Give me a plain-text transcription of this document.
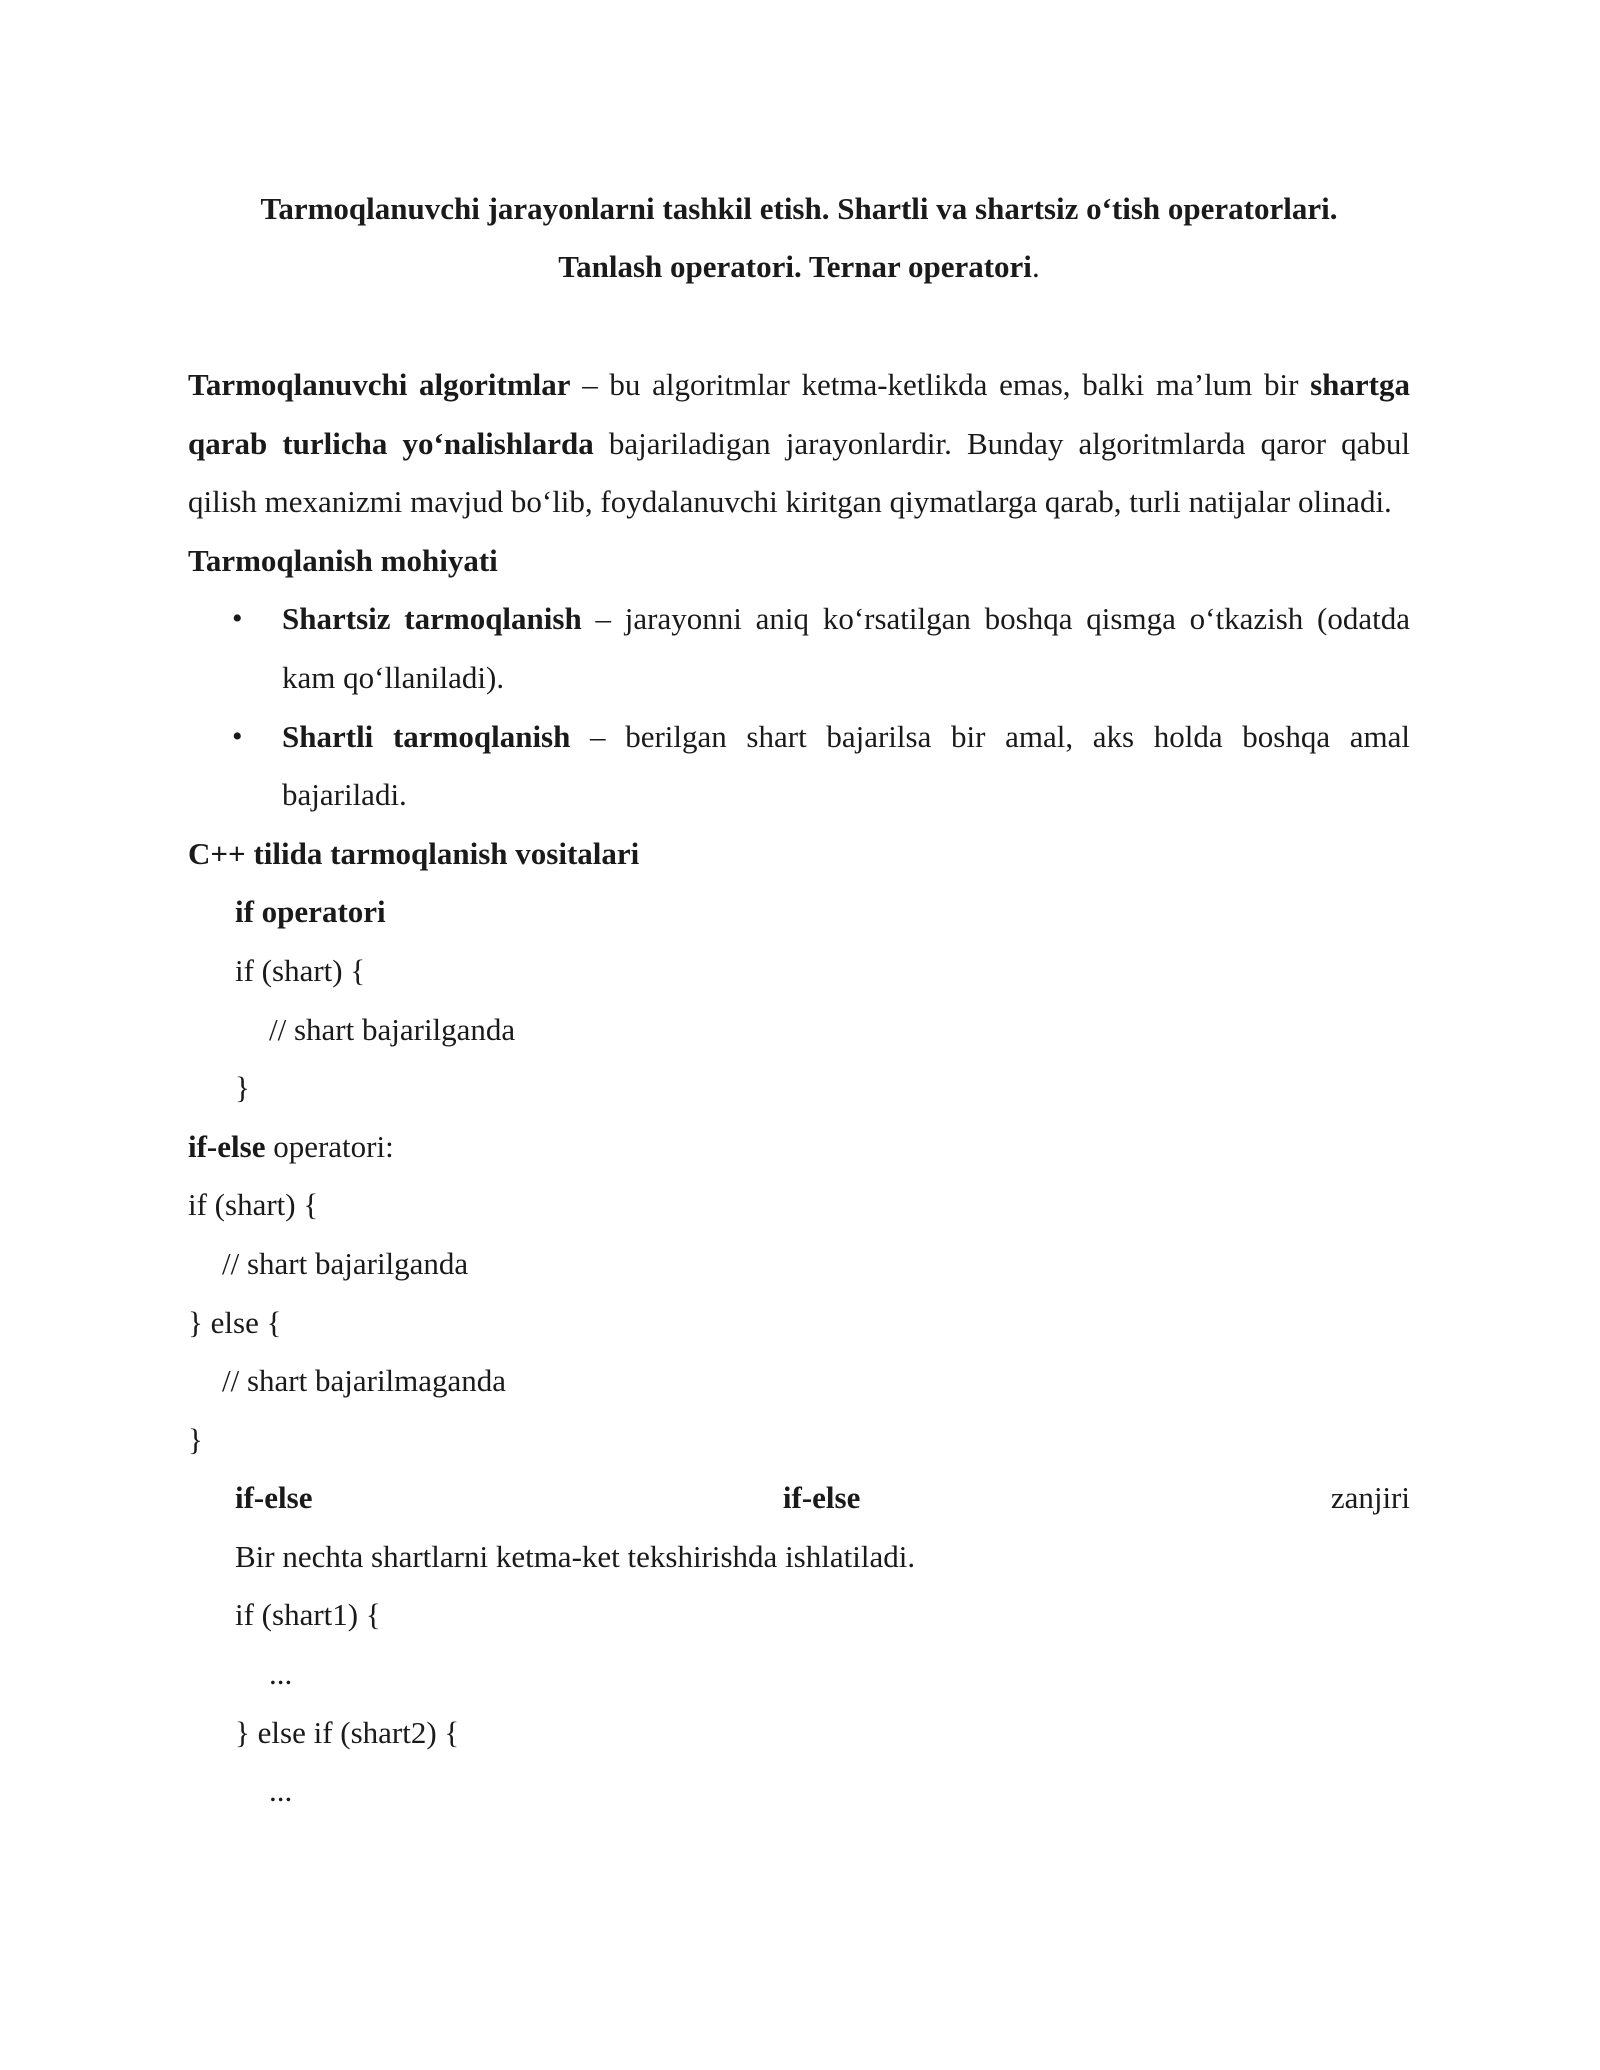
Tarmoqlanuvchi jarayonlarni tashkil etish. Shartli va shartsiz o‘tish operatorlari.
Tanlash operatori. Ternar operatori.
Tarmoqlanuvchi algoritmlar – bu algoritmlar ketma-ketlikda emas, balki ma’lum bir shartga qarab turlicha yo‘nalishlarda bajariladigan jarayonlardir. Bunday algoritmlarda qaror qabul qilish mexanizmi mavjud bo‘lib, foydalanuvchi kiritgan qiymatlarga qarab, turli natijalar olinadi.
Tarmoqlanish mohiyati
• Shartsiz tarmoqlanish – jarayonni aniq ko‘rsatilgan boshqa qismga o‘tkazish (odatda kam qo‘llaniladi).
• Shartli tarmoqlanish – berilgan shart bajarilsa bir amal, aks holda boshqa amal bajariladi.
C++ tilida tarmoqlanish vositalari
if operatori
if (shart) {
// shart bajarilganda
}
if-else operatori:
if (shart) {
// shart bajarilganda
} else {
// shart bajarilmaganda
}
if-else	if-else	zanjiri
Bir nechta shartlarni ketma-ket tekshirishda ishlatiladi.
if (shart1) {
...
} else if (shart2) {
...
